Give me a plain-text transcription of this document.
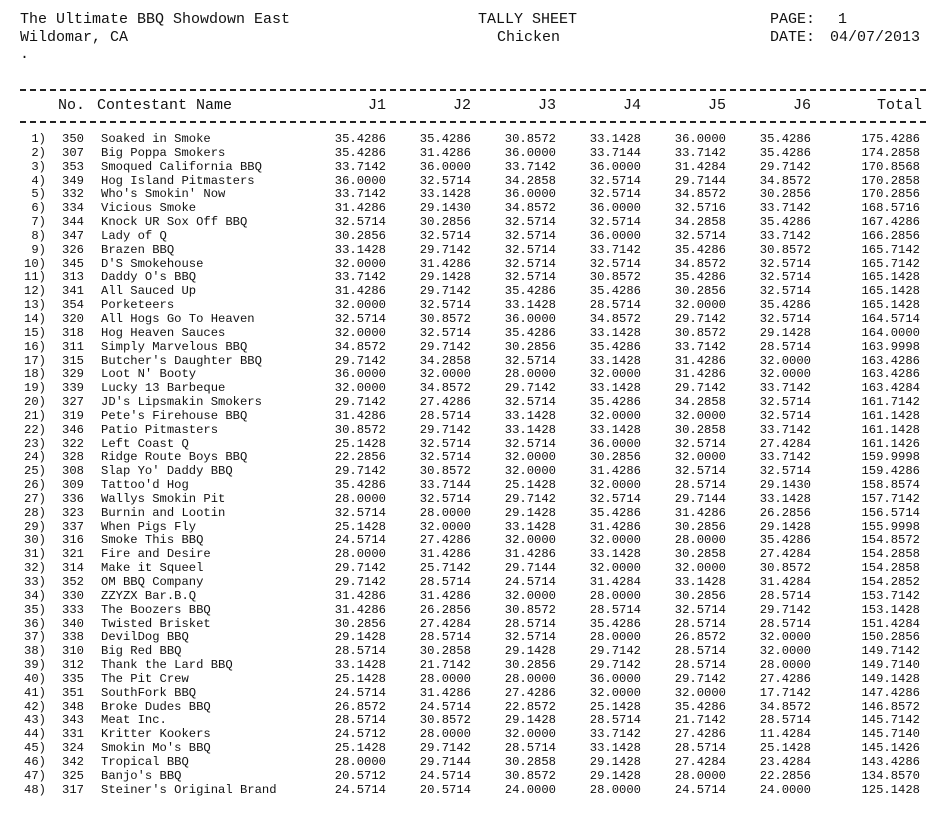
The Ultimate BBQ Showdown East
Wildomar, CA
.
TALLY SHEET
Chicken
PAGE: 1
DATE: 04/07/2013
No. Contestant Name	J1	J2	J3	J4	J5	J6	Total
1) 350 Soaked in Smoke	35.4286	35.4286	30.8572	33.1428	36.0000	35.4286	175.4286
2) 307 Big Poppa Smokers	35.4286	31.4286	36.0000	33.7144	33.7142	35.4286	174.2858
3) 353 Smoqued California BBQ	33.7142	36.0000	33.7142	36.0000	31.4284	29.7142	170.8568
4) 349 Hog Island Pitmasters	36.0000	32.5714	34.2858	32.5714	29.7144	34.8572	170.2858
5) 332 Who's Smokin' Now	33.7142	33.1428	36.0000	32.5714	34.8572	30.2856	170.2856
6) 334 Vicious Smoke	31.4286	29.1430	34.8572	36.0000	32.5716	33.7142	168.5716
7) 344 Knock UR Sox Off BBQ	32.5714	30.2856	32.5714	32.5714	34.2858	35.4286	167.4286
8) 347 Lady of Q	30.2856	32.5714	32.5714	36.0000	32.5714	33.7142	166.2856
9) 326 Brazen BBQ	33.1428	29.7142	32.5714	33.7142	35.4286	30.8572	165.7142
10) 345 D'S Smokehouse	32.0000	31.4286	32.5714	32.5714	34.8572	32.5714	165.7142
11) 313 Daddy O's BBQ	33.7142	29.1428	32.5714	30.8572	35.4286	32.5714	165.1428
12) 341 All Sauced Up	31.4286	29.7142	35.4286	35.4286	30.2856	32.5714	165.1428
13) 354 Porketeers	32.0000	32.5714	33.1428	28.5714	32.0000	35.4286	165.1428
14) 320 All Hogs Go To Heaven	32.5714	30.8572	36.0000	34.8572	29.7142	32.5714	164.5714
15) 318 Hog Heaven Sauces	32.0000	32.5714	35.4286	33.1428	30.8572	29.1428	164.0000
16) 311 Simply Marvelous BBQ	34.8572	29.7142	30.2856	35.4286	33.7142	28.5714	163.9998
17) 315 Butcher's Daughter BBQ	29.7142	34.2858	32.5714	33.1428	31.4286	32.0000	163.4286
18) 329 Loot N' Booty	36.0000	32.0000	28.0000	32.0000	31.4286	32.0000	163.4286
19) 339 Lucky 13 Barbeque	32.0000	34.8572	29.7142	33.1428	29.7142	33.7142	163.4284
20) 327 JD's Lipsmakin Smokers	29.7142	27.4286	32.5714	35.4286	34.2858	32.5714	161.7142
21) 319 Pete's Firehouse BBQ	31.4286	28.5714	33.1428	32.0000	32.0000	32.5714	161.1428
22) 346 Patio Pitmasters	30.8572	29.7142	33.1428	33.1428	30.2858	33.7142	161.1428
23) 322 Left Coast Q	25.1428	32.5714	32.5714	36.0000	32.5714	27.4284	161.1426
24) 328 Ridge Route Boys BBQ	22.2856	32.5714	32.0000	30.2856	32.0000	33.7142	159.9998
25) 308 Slap Yo' Daddy BBQ	29.7142	30.8572	32.0000	31.4286	32.5714	32.5714	159.4286
26) 309 Tattoo'd Hog	35.4286	33.7144	25.1428	32.0000	28.5714	29.1430	158.8574
27) 336 Wallys Smokin Pit	28.0000	32.5714	29.7142	32.5714	29.7144	33.1428	157.7142
28) 323 Burnin and Lootin	32.5714	28.0000	29.1428	35.4286	31.4286	26.2856	156.5714
29) 337 When Pigs Fly	25.1428	32.0000	33.1428	31.4286	30.2856	29.1428	155.9998
30) 316 Smoke This BBQ	24.5714	27.4286	32.0000	32.0000	28.0000	35.4286	154.8572
31) 321 Fire and Desire	28.0000	31.4286	31.4286	33.1428	30.2858	27.4284	154.2858
32) 314 Make it Squeel	29.7142	25.7142	29.7144	32.0000	32.0000	30.8572	154.2858
33) 352 OM BBQ Company	29.7142	28.5714	24.5714	31.4284	33.1428	31.4284	154.2852
34) 330 ZZYZX Bar.B.Q	31.4286	31.4286	32.0000	28.0000	30.2856	28.5714	153.7142
35) 333 The Boozers BBQ	31.4286	26.2856	30.8572	28.5714	32.5714	29.7142	153.1428
36) 340 Twisted Brisket	30.2856	27.4284	28.5714	35.4286	28.5714	28.5714	151.4284
37) 338 DevilDog BBQ	29.1428	28.5714	32.5714	28.0000	26.8572	32.0000	150.2856
38) 310 Big Red BBQ	28.5714	30.2858	29.1428	29.7142	28.5714	32.0000	149.7142
39) 312 Thank the Lard BBQ	33.1428	21.7142	30.2856	29.7142	28.5714	28.0000	149.7140
40) 335 The Pit Crew	25.1428	28.0000	28.0000	36.0000	29.7142	27.4286	149.1428
41) 351 SouthFork BBQ	24.5714	31.4286	27.4286	32.0000	32.0000	17.7142	147.4286
42) 348 Broke Dudes BBQ	26.8572	24.5714	22.8572	25.1428	35.4286	34.8572	146.8572
43) 343 Meat Inc.	28.5714	30.8572	29.1428	28.5714	21.7142	28.5714	145.7142
44) 331 Kritter Kookers	24.5712	28.0000	32.0000	33.7142	27.4286	11.4284	145.7140
45) 324 Smokin Mo's BBQ	25.1428	29.7142	28.5714	33.1428	28.5714	25.1428	145.1426
46) 342 Tropical BBQ	28.0000	29.7144	30.2858	29.1428	27.4284	23.4284	143.4286
47) 325 Banjo's BBQ	20.5712	24.5714	30.8572	29.1428	28.0000	22.2856	134.8570
48) 317 Steiner's Original Brand	24.5714	20.5714	24.0000	28.0000	24.5714	24.0000	125.1428
